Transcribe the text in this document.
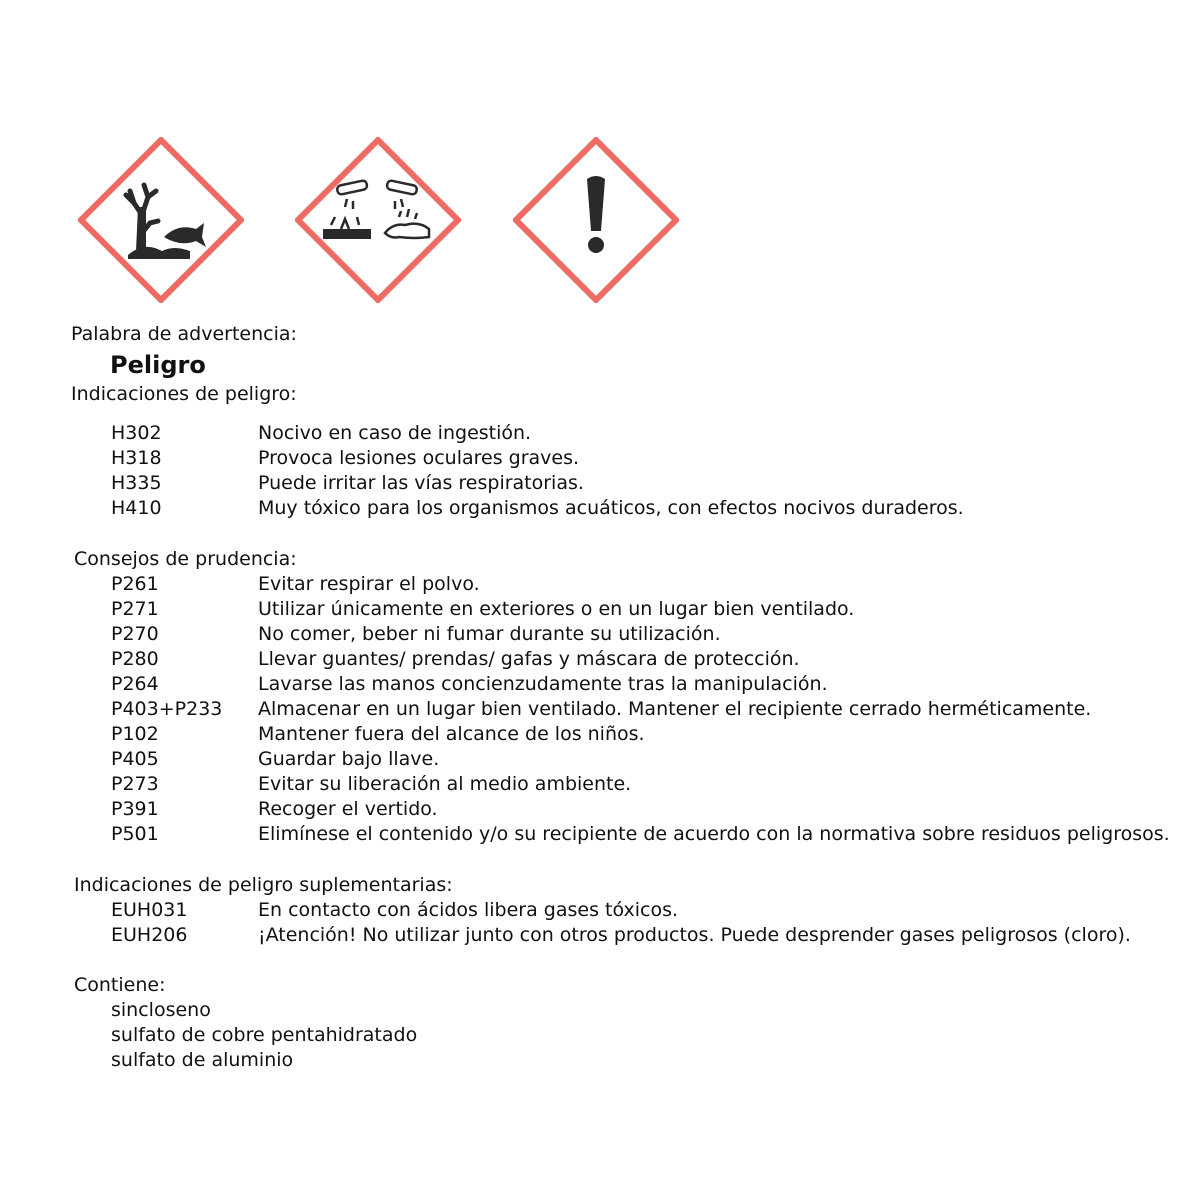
Palabra de advertencia:
Peligro
Indicaciones de peligro:
H302	Nocivo en caso de ingestión.
H318	Provoca lesiones oculares graves.
H335	Puede irritar las vías respiratorias.
H410	Muy tóxico para los organismos acuáticos, con efectos nocivos duraderos.
Consejos de prudencia:
P261	Evitar respirar el polvo.
P271	Utilizar únicamente en exteriores o en un lugar bien ventilado.
P270	No comer, beber ni fumar durante su utilización.
P280	Llevar guantes/ prendas/ gafas y máscara de protección.
P264	Lavarse las manos concienzudamente tras la manipulación.
P403+P233 Almacenar en un lugar bien ventilado. Mantener el recipiente cerrado herméticamente.
P102	Mantener fuera del alcance de los niños.
P405	Guardar bajo llave.
P273	Evitar su liberación al medio ambiente.
P391	Recoger el vertido.
P501	Elimínese el contenido y/o su recipiente de acuerdo con la normativa sobre residuos peligrosos.
Indicaciones de peligro suplementarias:
EUH031	En contacto con ácidos libera gases tóxicos.
EUH206	¡Atención! No utilizar junto con otros productos. Puede desprender gases peligrosos (cloro).
Contiene:
sincloseno
sulfato de cobre pentahidratado
sulfato de aluminio
